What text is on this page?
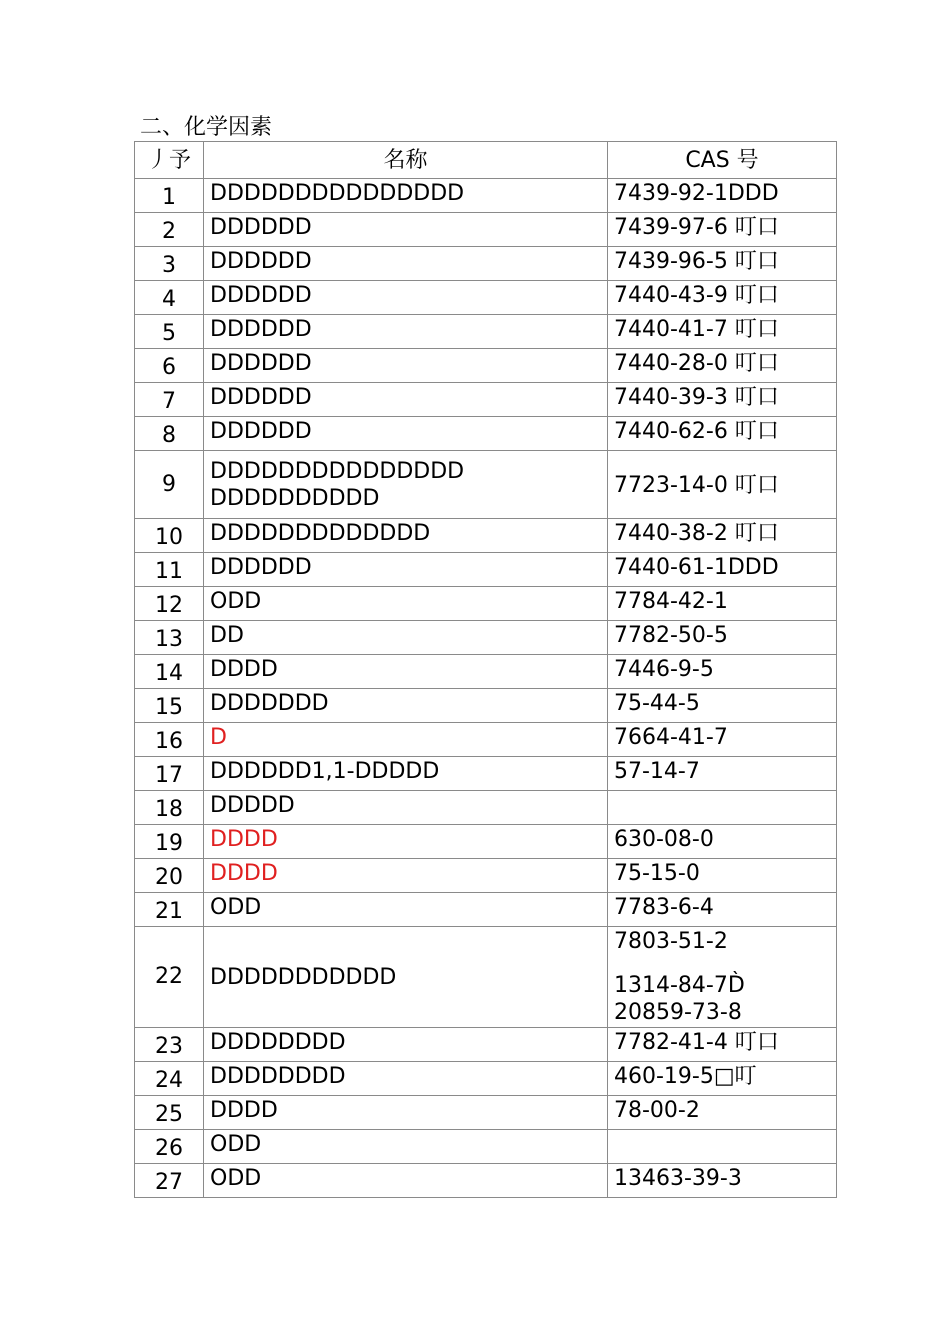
二、化学因素
丿予	名称	CAS 号
1	DDDDDDDDDDDDDDD	7439-92-1DDD
2	DDDDDD	7439-97-6 叮口
3	DDDDDD	7439-96-5 叮口
4	DDDDDD	7440-43-9 叮口
5	DDDDDD	7440-41-7 叮口
6	DDDDDD	7440-28-0 叮口
7	DDDDDD	7440-39-3 叮口
8	DDDDDD	7440-62-6 叮口
9	DDDDDDDDDDDDDDD
DDDDDDDDDD	7723-14-0 叮口
10	DDDDDDDDDDDDD	7440-38-2 叮口
11	DDDDDD	7440-61-1DDD
12	ODD	7784-42-1
13	DD	7782-50-5
14	DDDD	7446-9-5
15	DDDDDDD	75-44-5
16	D	7664-41-7
17	DDDDDD1,1-DDDDD	57-14-7
18	DDDDD	
19	DDDD	630-08-0
20	DDDD	75-15-0
21	ODD	7783-6-4
22	DDDDDDDDDDD	7803-51-2
1314-84-7D̀
20859-73-8

23	DDDDDDDD	7782-41-4 叮口
24	DDDDDDDD	460-19-5□叮
25	DDDD	78-00-2
26	ODD	
27	ODD	13463-39-3
